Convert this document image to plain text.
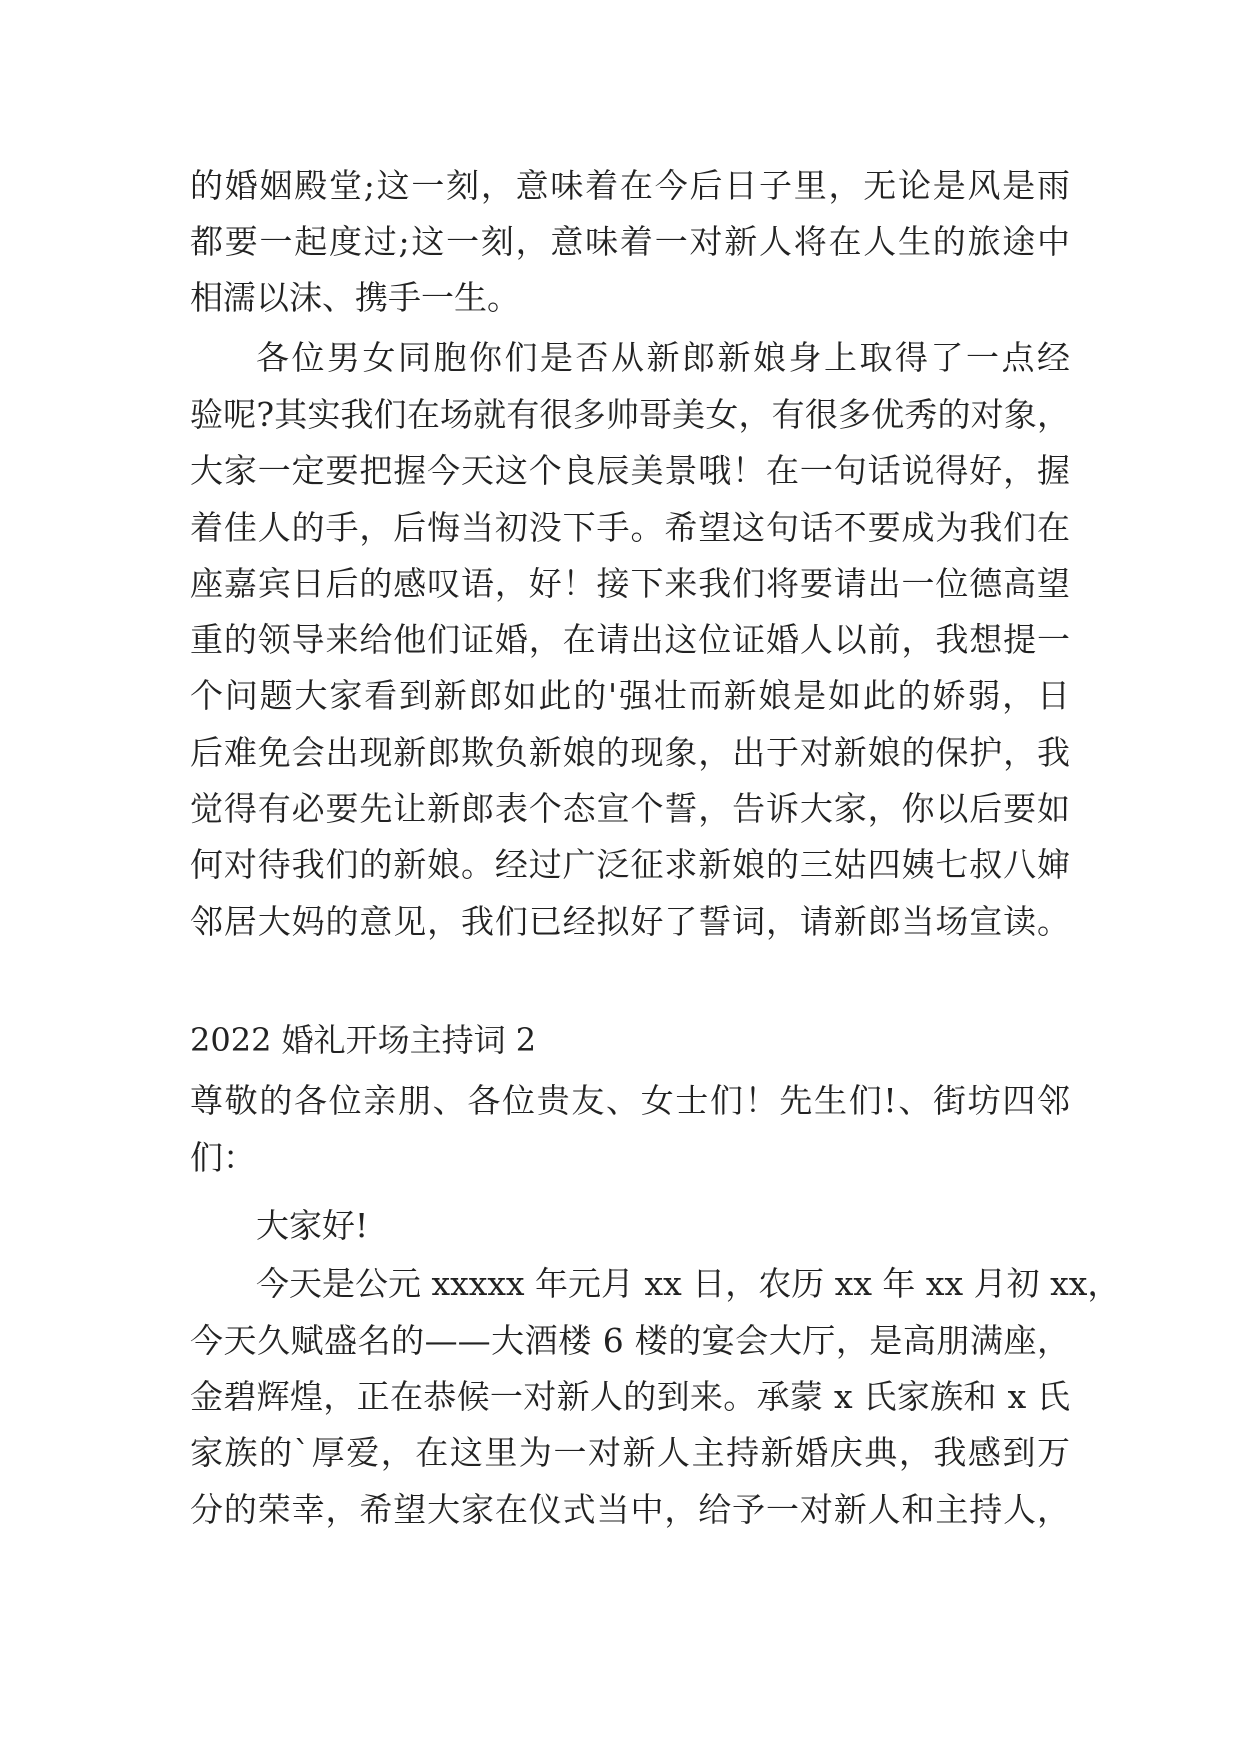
的婚姻殿堂;这一刻，意味着在今后日子里，无论是风是雨
都要一起度过;这一刻，意味着一对新人将在人生的旅途中
相濡以沫、携手一生。
各位男女同胞你们是否从新郎新娘身上取得了一点经
验呢?其实我们在场就有很多帅哥美女，有很多优秀的对象，
大家一定要把握今天这个良辰美景哦！在一句话说得好，握
着佳人的手，后悔当初没下手。希望这句话不要成为我们在
座嘉宾日后的感叹语，好！接下来我们将要请出一位德高望
重的领导来给他们证婚，在请出这位证婚人以前，我想提一
个问题大家看到新郎如此的'强壮而新娘是如此的娇弱，日
后难免会出现新郎欺负新娘的现象，出于对新娘的保护，我
觉得有必要先让新郎表个态宣个誓，告诉大家，你以后要如
何对待我们的新娘。经过广泛征求新娘的三姑四姨七叔八婶
邻居大妈的意见，我们已经拟好了誓词，请新郎当场宣读。
2022 婚礼开场主持词 2
尊敬的各位亲朋、各位贵友、女士们！先生们!、街坊四邻
们：
大家好!
今天是公元 xxxxx 年元月 xx 日，农历 xx 年 xx 月初 xx，
今天久赋盛名的——大酒楼 6 楼的宴会大厅，是高朋满座，
金碧辉煌，正在恭候一对新人的到来。承蒙 x 氏家族和 x 氏
家族的`厚爱，在这里为一对新人主持新婚庆典，我感到万
分的荣幸，希望大家在仪式当中，给予一对新人和主持人，
